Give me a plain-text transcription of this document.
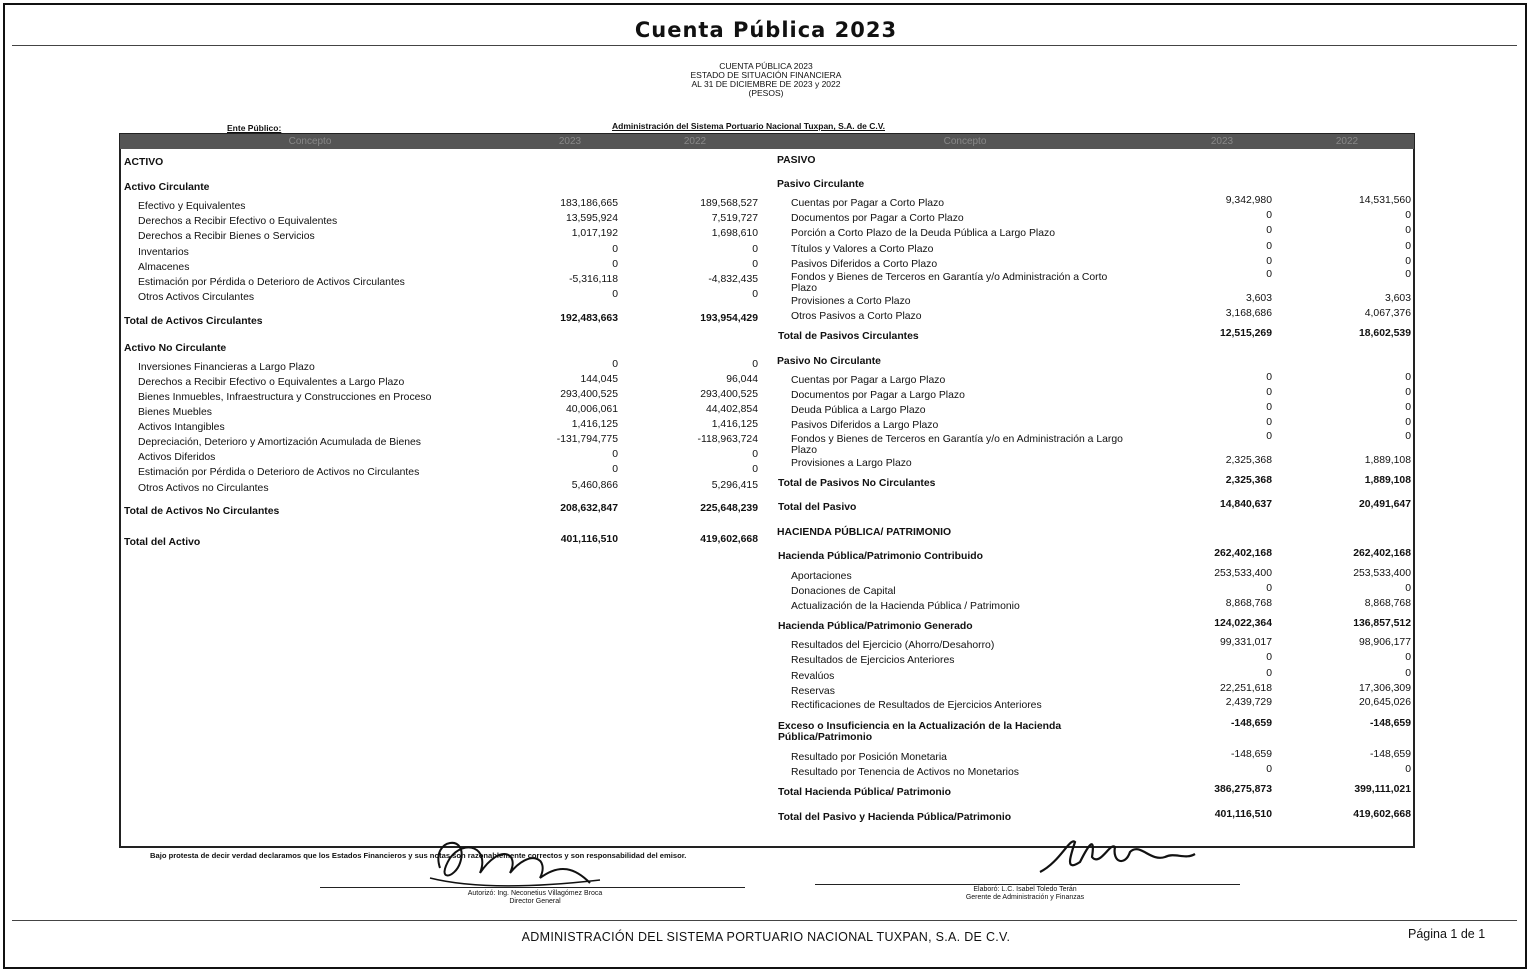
Cuenta Pública 2023
CUENTA PÚBLICA 2023
ESTADO DE SITUACIÓN FINANCIERA
AL 31 DE DICIEMBRE DE 2023 y 2022
(PESOS)
Ente Público:	Administración del Sistema Portuario Nacional Tuxpan, S.A. de C.V.
Concepto	2023	2022	Concepto	2023	2022
ACTIVO
Activo Circulante
Efectivo y Equivalentes	183,186,665	189,568,527
Derechos a Recibir Efectivo o Equivalentes	13,595,924	7,519,727
Derechos a Recibir Bienes o Servicios	1,017,192	1,698,610
Inventarios	0	0
Almacenes	0	0
Estimación por Pérdida o Deterioro de Activos Circulantes	-5,316,118	-4,832,435
Otros Activos Circulantes	0	0
Total de Activos Circulantes	192,483,663	193,954,429
Activo No Circulante
Inversiones Financieras a Largo Plazo	0	0
Derechos a Recibir Efectivo o Equivalentes a Largo Plazo	144,045	96,044
Bienes Inmuebles, Infraestructura y Construcciones en Proceso	293,400,525	293,400,525
Bienes Muebles	40,006,061	44,402,854
Activos Intangibles	1,416,125	1,416,125
Depreciación, Deterioro y Amortización Acumulada de Bienes	-131,794,775	-118,963,724
Activos Diferidos	0	0
Estimación por Pérdida o Deterioro de Activos no Circulantes	0	0
Otros Activos no Circulantes	5,460,866	5,296,415
Total de Activos No Circulantes	208,632,847	225,648,239
Total del Activo	401,116,510	419,602,668
PASIVO
Pasivo Circulante
Cuentas por Pagar a Corto Plazo	9,342,980	14,531,560
Documentos por Pagar a Corto Plazo	0	0
Porción a Corto Plazo de la Deuda Pública a Largo Plazo	0	0
Títulos y Valores a Corto Plazo	0	0
Pasivos Diferidos a Corto Plazo	0	0
Fondos y Bienes de Terceros en Garantía y/o Administración a Corto Plazo
0	0
Provisiones a Corto Plazo	3,603	3,603
Otros Pasivos a Corto Plazo	3,168,686	4,067,376
Total de Pasivos Circulantes	12,515,269	18,602,539
Pasivo No Circulante
Cuentas por Pagar a Largo Plazo	0	0
Documentos por Pagar a Largo Plazo	0	0
Deuda Pública a Largo Plazo	0	0
Pasivos Diferidos a Largo Plazo	0	0
Fondos y Bienes de Terceros en Garantía y/o en Administración a Largo Plazo
0	0
Provisiones a Largo Plazo	2,325,368	1,889,108
Total de Pasivos No Circulantes	2,325,368	1,889,108
Total del Pasivo	14,840,637	20,491,647
HACIENDA PÚBLICA/ PATRIMONIO
Hacienda Pública/Patrimonio Contribuido	262,402,168	262,402,168
Aportaciones	253,533,400	253,533,400
Donaciones de Capital	0	0
Actualización de la Hacienda Pública / Patrimonio	8,868,768	8,868,768
Hacienda Pública/Patrimonio Generado	124,022,364	136,857,512
Resultados del Ejercicio (Ahorro/Desahorro)	99,331,017	98,906,177
Resultados de Ejercicios Anteriores	0	0
Revalúos	0	0
Reservas	22,251,618	17,306,309
Rectificaciones de Resultados de Ejercicios Anteriores	2,439,729	20,645,026
Exceso o Insuficiencia en la Actualización de la Hacienda Pública/Patrimonio
-148,659	-148,659
Resultado por Posición Monetaria	-148,659	-148,659
Resultado por Tenencia de Activos no Monetarios	0	0
Total Hacienda Pública/ Patrimonio	386,275,873	399,111,021
Total del Pasivo y Hacienda Pública/Patrimonio	401,116,510	419,602,668
Bajo protesta de decir verdad declaramos que los Estados Financieros y sus notas son razonablemente correctos y son responsabilidad del emisor.
Autorizó: Ing. Neconetius Villagómez Broca
Director General
Elaboró: L.C. Isabel Toledo Terán
Gerente de Administración y Finanzas
ADMINISTRACIÓN DEL SISTEMA PORTUARIO NACIONAL TUXPAN, S.A. DE C.V.	Página 1 de 1
